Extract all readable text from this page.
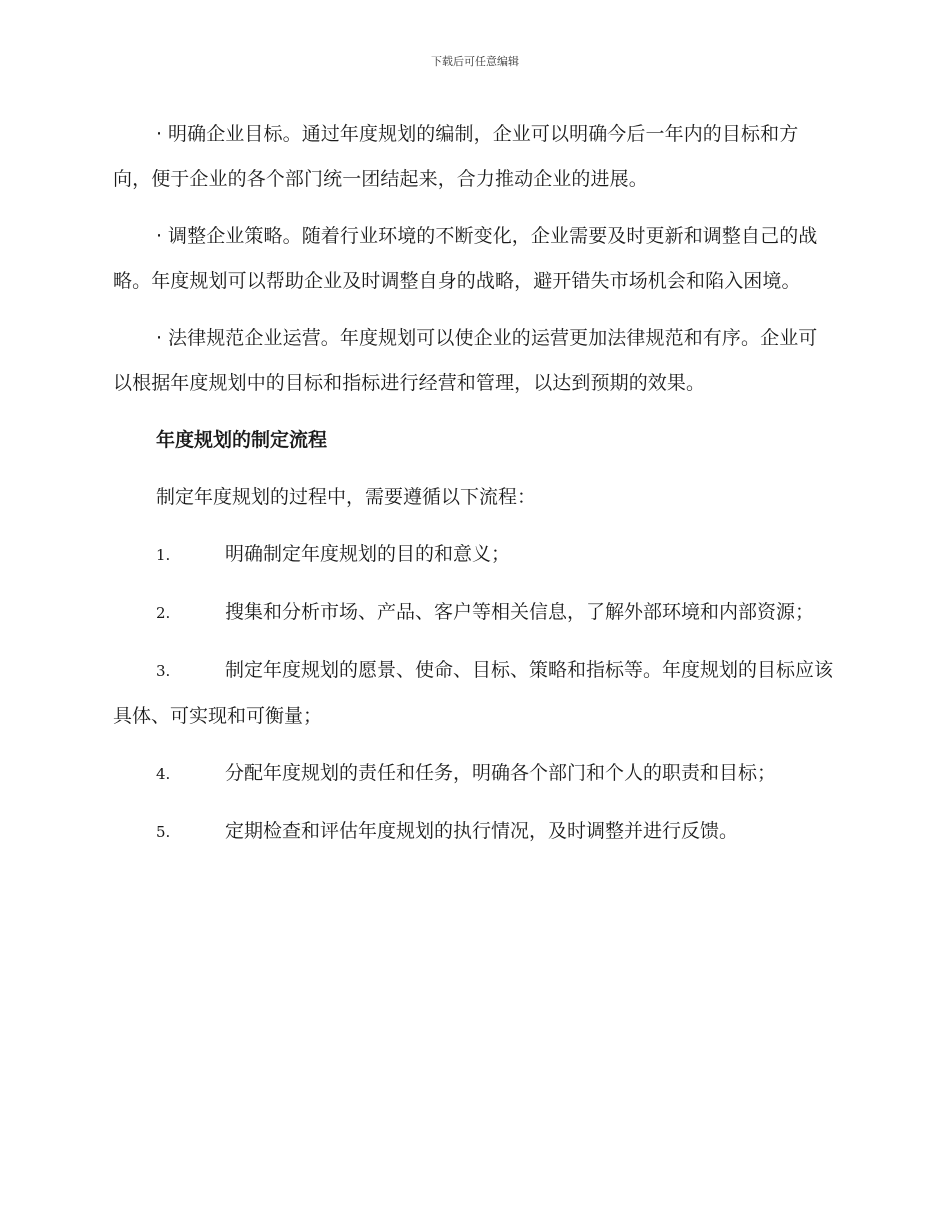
下载后可任意编辑

· 明确企业目标。通过年度规划的编制，企业可以明确今后一年内的目标和方向，便于企业的各个部门统一团结起来，合力推动企业的进展。

· 调整企业策略。随着行业环境的不断变化，企业需要及时更新和调整自己的战略。年度规划可以帮助企业及时调整自身的战略，避开错失市场机会和陷入困境。

· 法律规范企业运营。年度规划可以使企业的运营更加法律规范和有序。企业可以根据年度规划中的目标和指标进行经营和管理，以达到预期的效果。

年度规划的制定流程

制定年度规划的过程中，需要遵循以下流程：

1.	明确制定年度规划的目的和意义；

2.	搜集和分析市场、产品、客户等相关信息，了解外部环境和内部资源；

3.	制定年度规划的愿景、使命、目标、策略和指标等。年度规划的目标应该具体、可实现和可衡量；

4.	分配年度规划的责任和任务，明确各个部门和个人的职责和目标；

5.	定期检查和评估年度规划的执行情况，及时调整并进行反馈。
